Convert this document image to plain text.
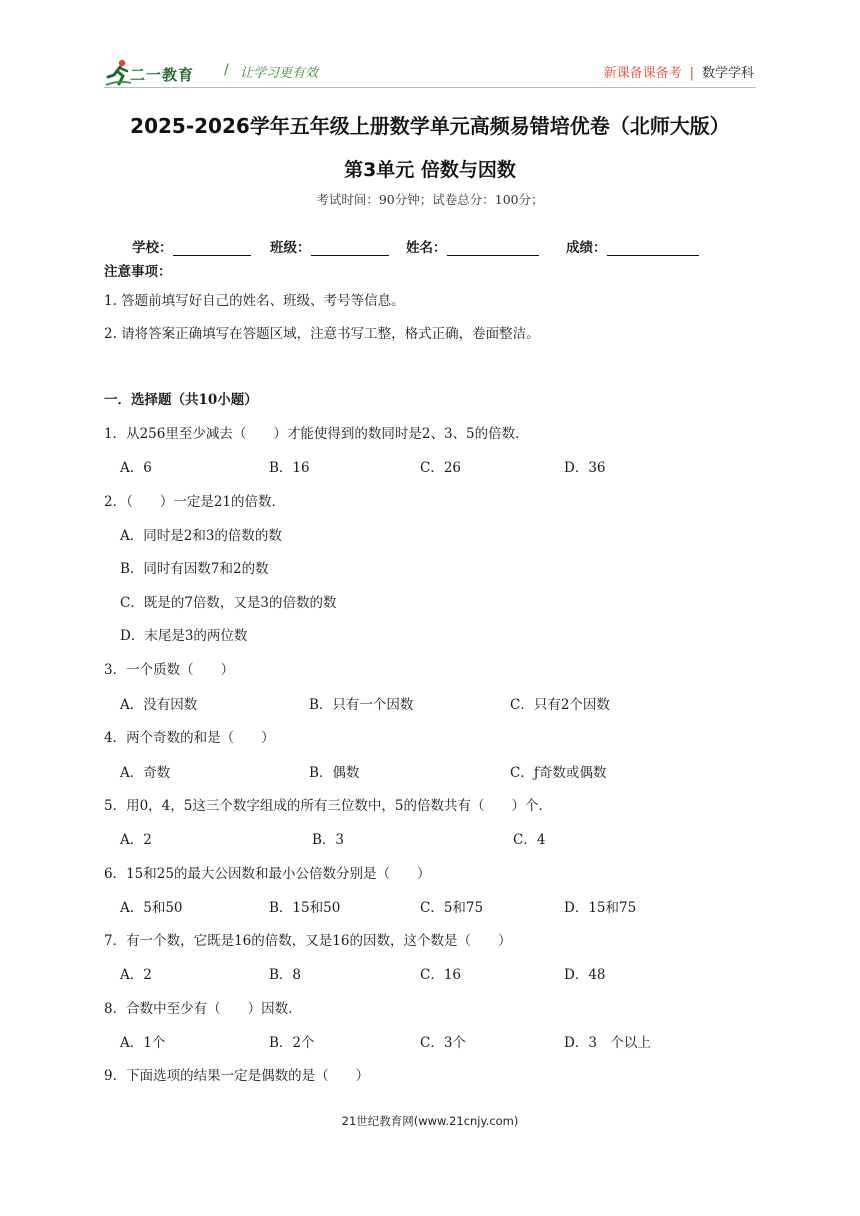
二一教育 / 让学习更有效	新课备课备考 | 数学学科
2025-2026学年五年级上册数学单元高频易错培优卷（北师大版）
第3单元 倍数与因数
考试时间：90分钟；试卷总分：100分；
学校：	班级：	姓名：	成绩：
注意事项：
1. 答题前填写好自己的姓名、班级、考号等信息。
2. 请将答案正确填写在答题区域，注意书写工整，格式正确，卷面整洁。
一．选择题（共10小题）
1．从256里至少减去（　　）才能使得到的数同时是2、3、5的倍数．
A．6	B．16	C．26	D．36
2．（　　）一定是21的倍数．
A．同时是2和3的倍数的数
B．同时有因数7和2的数
C．既是的7倍数，又是3的倍数的数
D．末尾是3的两位数
3．一个质数（　　）
A．没有因数	B．只有一个因数	C．只有2个因数
4．两个奇数的和是（　　）
A．奇数	B．偶数	C．ƒ奇数或偶数
5．用0，4，5这三个数字组成的所有三位数中，5的倍数共有（　　）个．
A．2	B．3	C．4
6．15和25的最大公因数和最小公倍数分别是（　　）
A．5和50	B．15和50	C．5和75	D．15和75
7．有一个数，它既是16的倍数，又是16的因数，这个数是（　　）
A．2	B．8	C．16	D．48
8．合数中至少有（　　）因数.
A．1个	B．2个	C．3个	D．3　个以上
9．下面选项的结果一定是偶数的是（　　）
21世纪教育网(www.21cnjy.com)
